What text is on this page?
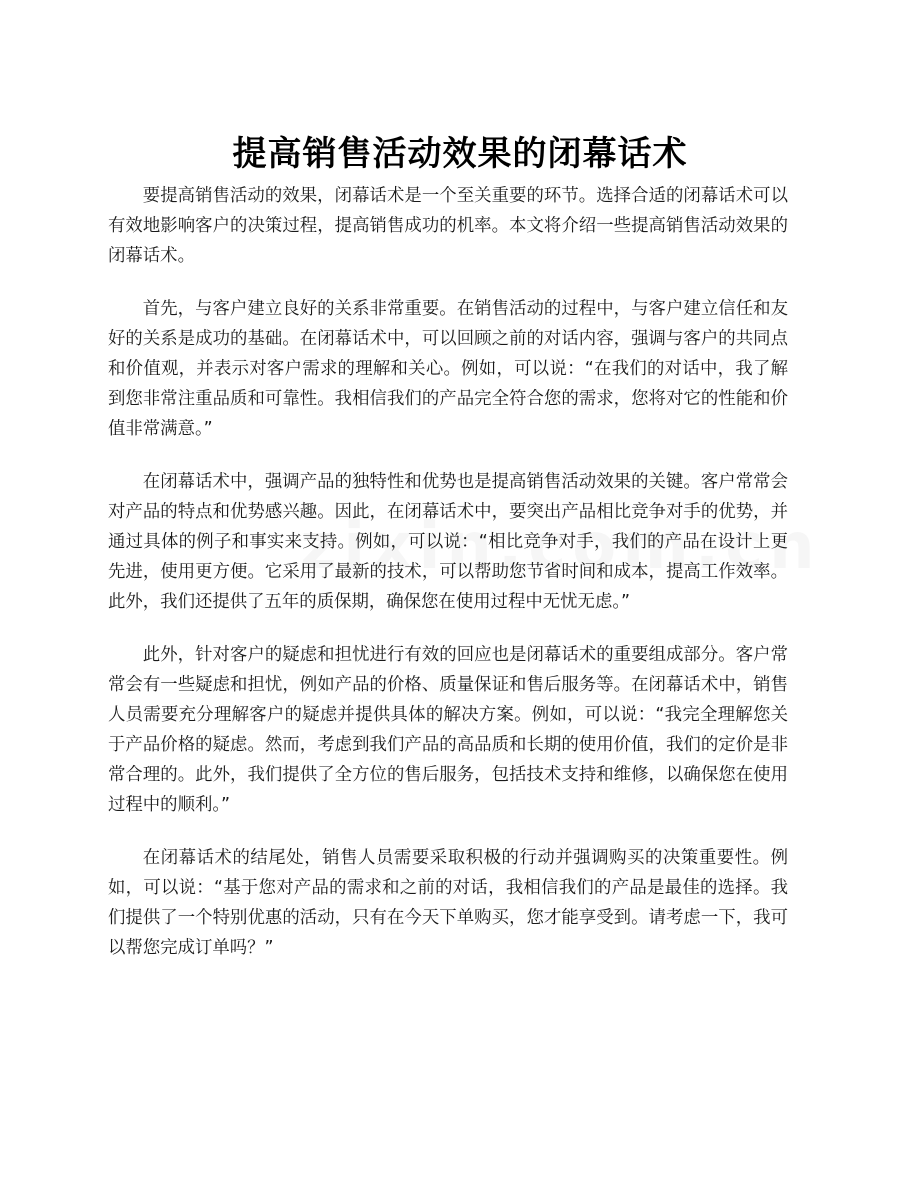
提高销售活动效果的闭幕话术

要提高销售活动的效果，闭幕话术是一个至关重要的环节。选择合适的闭幕话术可以有效地影响客户的决策过程，提高销售成功的机率。本文将介绍一些提高销售活动效果的闭幕话术。

首先，与客户建立良好的关系非常重要。在销售活动的过程中，与客户建立信任和友好的关系是成功的基础。在闭幕话术中，可以回顾之前的对话内容，强调与客户的共同点和价值观，并表示对客户需求的理解和关心。例如，可以说：“在我们的对话中，我了解到您非常注重品质和可靠性。我相信我们的产品完全符合您的需求，您将对它的性能和价值非常满意。”

在闭幕话术中，强调产品的独特性和优势也是提高销售活动效果的关键。客户常常会对产品的特点和优势感兴趣。因此，在闭幕话术中，要突出产品相比竞争对手的优势，并通过具体的例子和事实来支持。例如，可以说：“相比竞争对手，我们的产品在设计上更先进，使用更方便。它采用了最新的技术，可以帮助您节省时间和成本，提高工作效率。此外，我们还提供了五年的质保期，确保您在使用过程中无忧无虑。”

此外，针对客户的疑虑和担忧进行有效的回应也是闭幕话术的重要组成部分。客户常常会有一些疑虑和担忧，例如产品的价格、质量保证和售后服务等。在闭幕话术中，销售人员需要充分理解客户的疑虑并提供具体的解决方案。例如，可以说：“我完全理解您关于产品价格的疑虑。然而，考虑到我们产品的高品质和长期的使用价值，我们的定价是非常合理的。此外，我们提供了全方位的售后服务，包括技术支持和维修，以确保您在使用过程中的顺利。”

在闭幕话术的结尾处，销售人员需要采取积极的行动并强调购买的决策重要性。例如，可以说：“基于您对产品的需求和之前的对话，我相信我们的产品是最佳的选择。我们提供了一个特别优惠的活动，只有在今天下单购买，您才能享受到。请考虑一下，我可以帮您完成订单吗？”
